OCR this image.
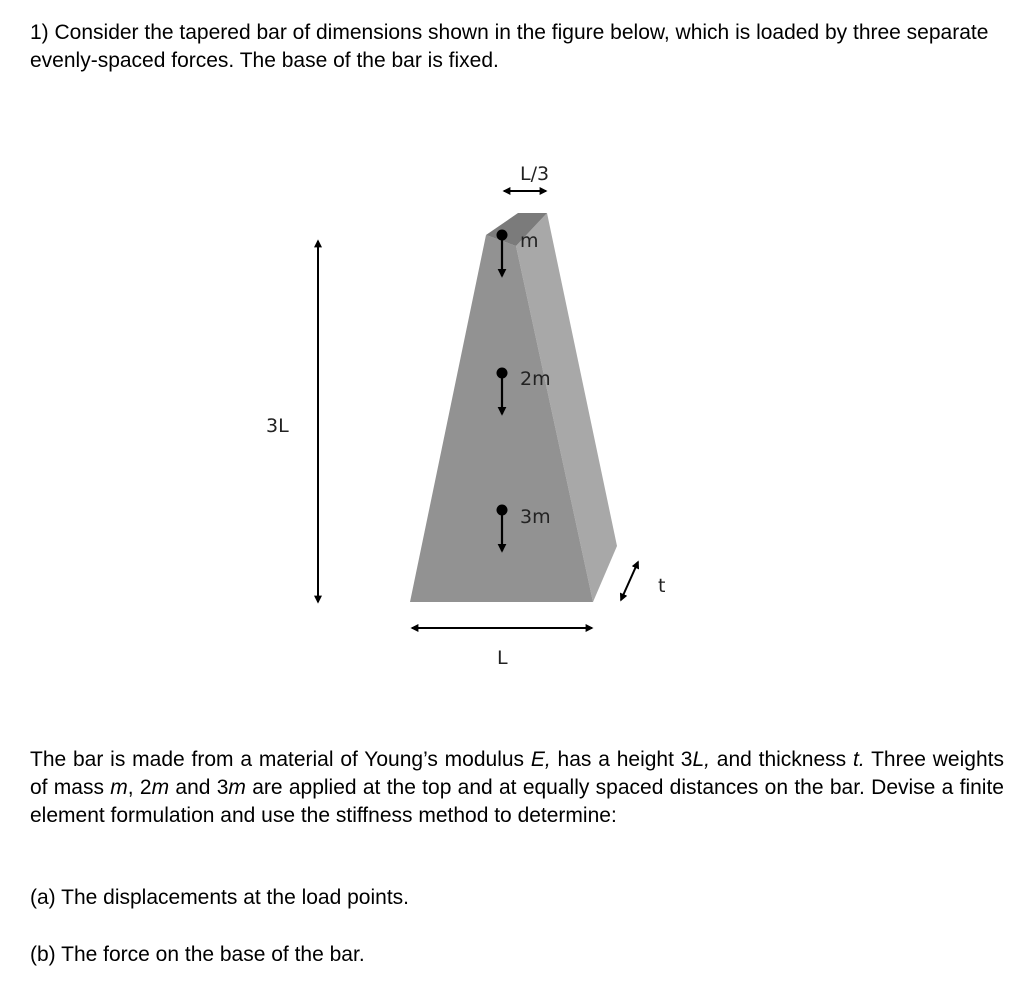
1) Consider the tapered bar of dimensions shown in the figure below, which is loaded by three separate evenly-spaced forces. The base of the bar is fixed.

m
2m
3m
L/3
3L
L
t

The bar is made from a material of Young’s modulus E, has a height 3L, and thickness t. Three weights of mass m, 2m and 3m are applied at the top and at equally spaced distances on the bar. Devise a finite element formulation and use the stiffness method to determine:

(a) The displacements at the load points.

(b) The force on the base of the bar.
